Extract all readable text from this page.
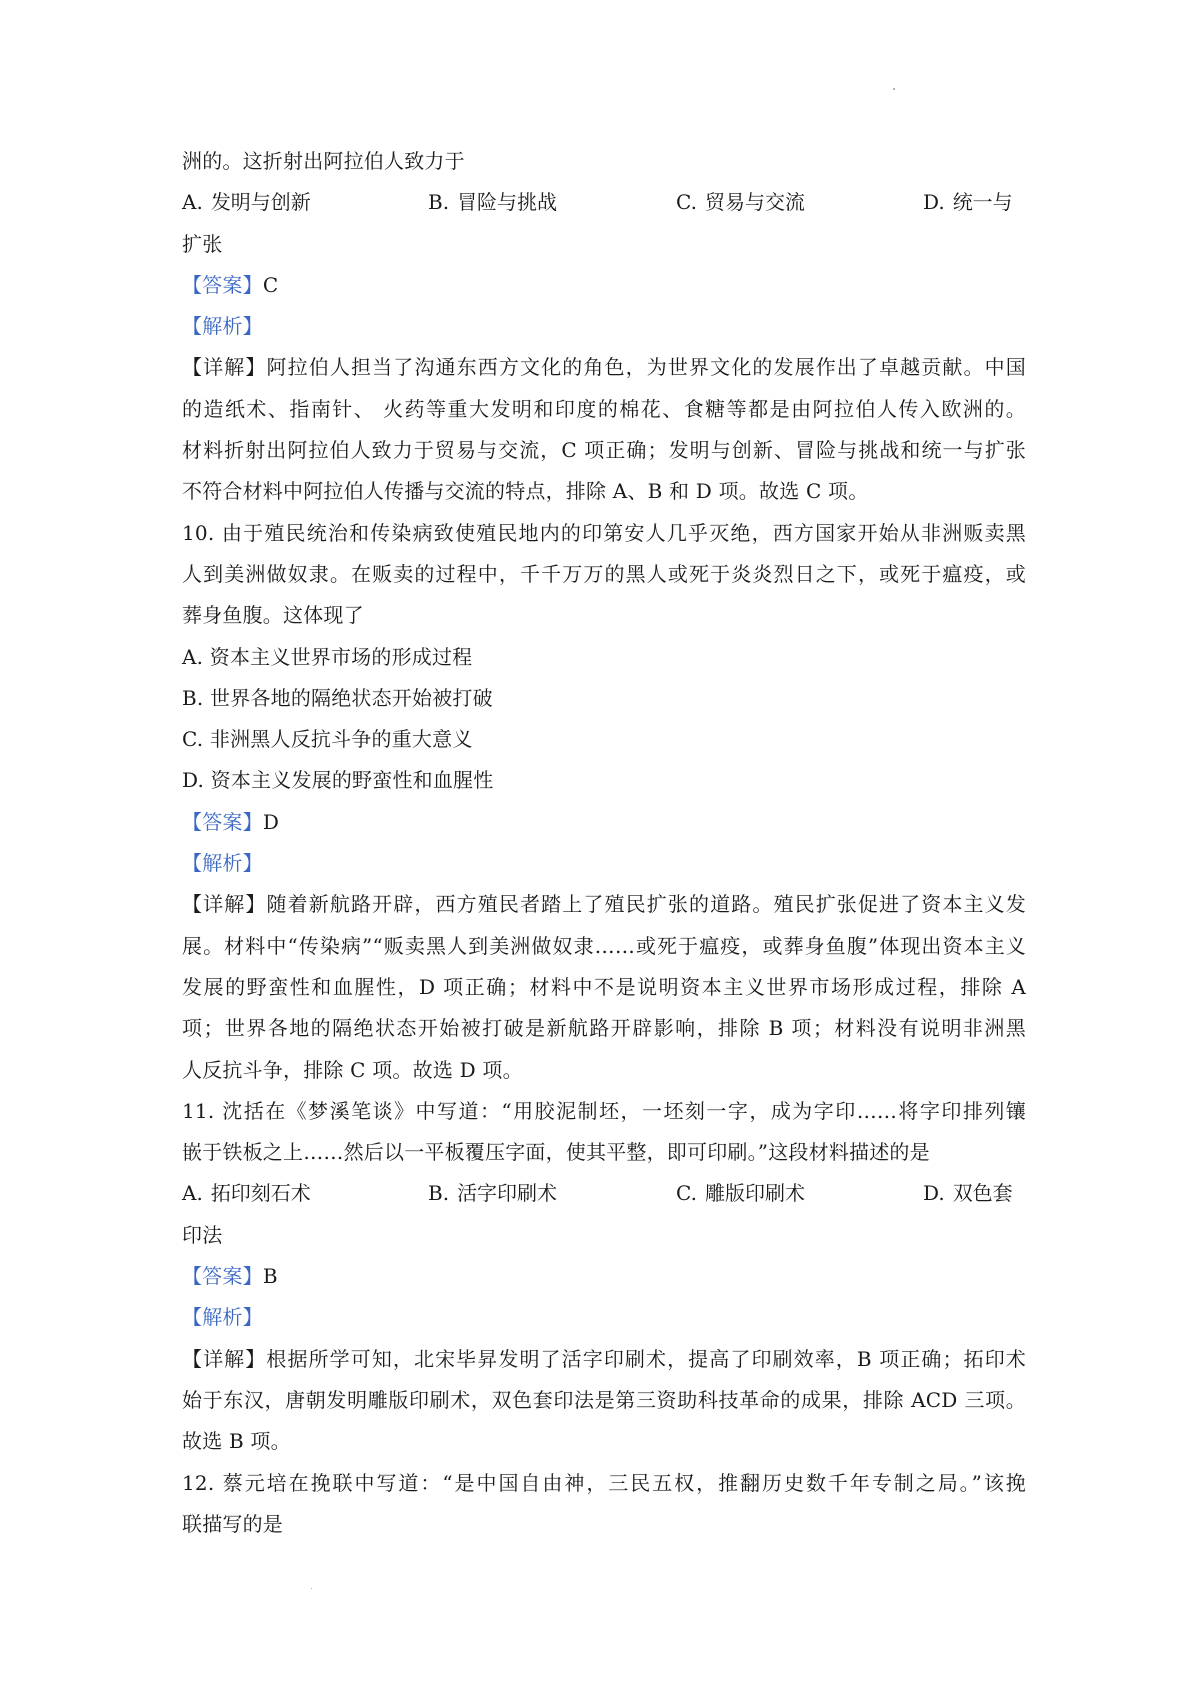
洲的。这折射出阿拉伯人致力于
A. 发明与创新	B. 冒险与挑战	C. 贸易与交流	D. 统一与
扩张
【答案】C
【解析】
【详解】阿拉伯人担当了沟通东西方文化的角色，为世界文化的发展作出了卓越贡献。中国
的造纸术、指南针、 火药等重大发明和印度的棉花、食糖等都是由阿拉伯人传入欧洲的。
材料折射出阿拉伯人致力于贸易与交流，C 项正确；发明与创新、冒险与挑战和统一与扩张
不符合材料中阿拉伯人传播与交流的特点，排除 A、B 和 D 项。故选 C 项。
10. 由于殖民统治和传染病致使殖民地内的印第安人几乎灭绝，西方国家开始从非洲贩卖黑
人到美洲做奴隶。在贩卖的过程中，千千万万的黑人或死于炎炎烈日之下，或死于瘟疫，或
葬身鱼腹。这体现了
A. 资本主义世界市场的形成过程
B. 世界各地的隔绝状态开始被打破
C. 非洲黑人反抗斗争的重大意义
D. 资本主义发展的野蛮性和血腥性
【答案】D
【解析】
【详解】随着新航路开辟，西方殖民者踏上了殖民扩张的道路。殖民扩张促进了资本主义发
展。材料中“传染病”“贩卖黑人到美洲做奴隶……或死于瘟疫，或葬身鱼腹”体现出资本主义
发展的野蛮性和血腥性，D 项正确；材料中不是说明资本主义世界市场形成过程，排除 A
项；世界各地的隔绝状态开始被打破是新航路开辟影响，排除 B 项；材料没有说明非洲黑
人反抗斗争，排除 C 项。故选 D 项。
11. 沈括在《梦溪笔谈》中写道：“用胶泥制坯，一坯刻一字，成为字印……将字印排列镶
嵌于铁板之上……然后以一平板覆压字面，使其平整，即可印刷。”这段材料描述的是
A. 拓印刻石术	B. 活字印刷术	C. 雕版印刷术	D. 双色套
印法
【答案】B
【解析】
【详解】根据所学可知，北宋毕昇发明了活字印刷术，提高了印刷效率，B 项正确；拓印术
始于东汉，唐朝发明雕版印刷术，双色套印法是第三资助科技革命的成果，排除 ACD 三项。
故选 B 项。
12. 蔡元培在挽联中写道：“是中国自由神，三民五权，推翻历史数千年专制之局。”该挽
联描写的是
